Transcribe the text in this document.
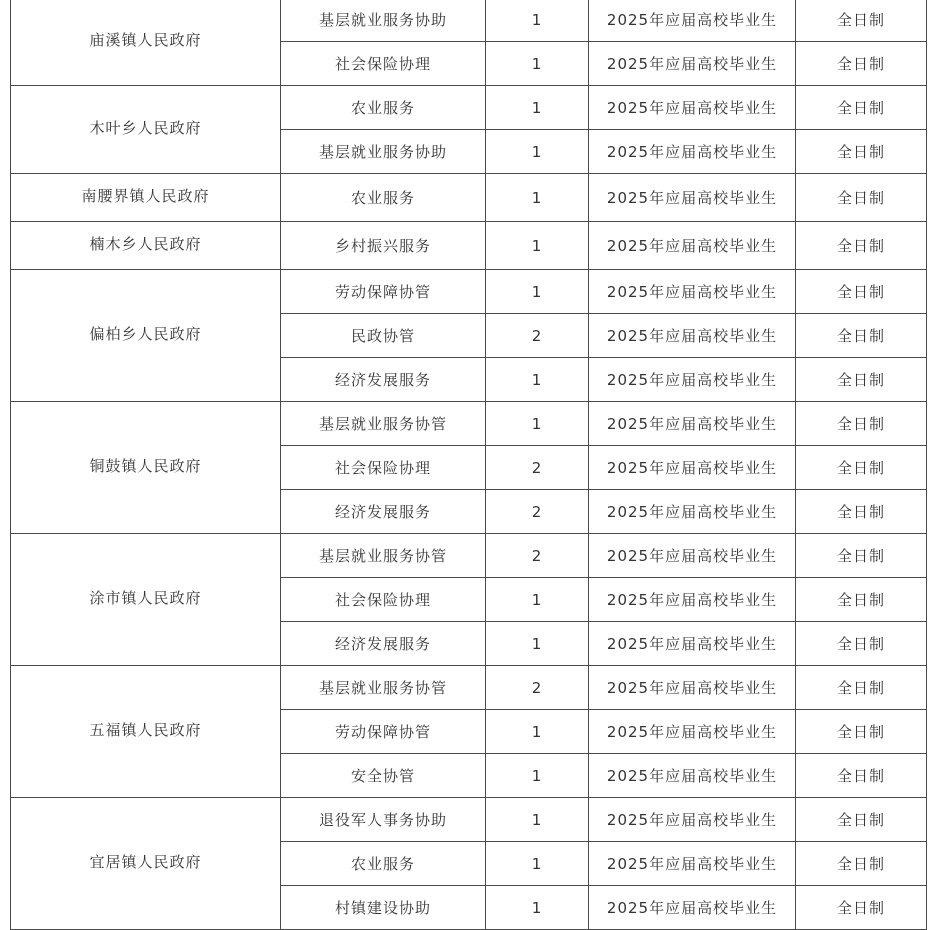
庙溪镇人民政府	基层就业服务协助	1	2025年应届高校毕业生	全日制
	社会保险协理	1	2025年应届高校毕业生	全日制
木叶乡人民政府	农业服务	1	2025年应届高校毕业生	全日制
	基层就业服务协助	1	2025年应届高校毕业生	全日制
南腰界镇人民政府	农业服务	1	2025年应届高校毕业生	全日制
楠木乡人民政府	乡村振兴服务	1	2025年应届高校毕业生	全日制
偏柏乡人民政府	劳动保障协管	1	2025年应届高校毕业生	全日制
	民政协管	2	2025年应届高校毕业生	全日制
	经济发展服务	1	2025年应届高校毕业生	全日制
铜鼓镇人民政府	基层就业服务协管	1	2025年应届高校毕业生	全日制
	社会保险协理	2	2025年应届高校毕业生	全日制
	经济发展服务	2	2025年应届高校毕业生	全日制
涂市镇人民政府	基层就业服务协管	2	2025年应届高校毕业生	全日制
	社会保险协理	1	2025年应届高校毕业生	全日制
	经济发展服务	1	2025年应届高校毕业生	全日制
五福镇人民政府	基层就业服务协管	2	2025年应届高校毕业生	全日制
	劳动保障协管	1	2025年应届高校毕业生	全日制
	安全协管	1	2025年应届高校毕业生	全日制
宜居镇人民政府	退役军人事务协助	1	2025年应届高校毕业生	全日制
	农业服务	1	2025年应届高校毕业生	全日制
	村镇建设协助	1	2025年应届高校毕业生	全日制
